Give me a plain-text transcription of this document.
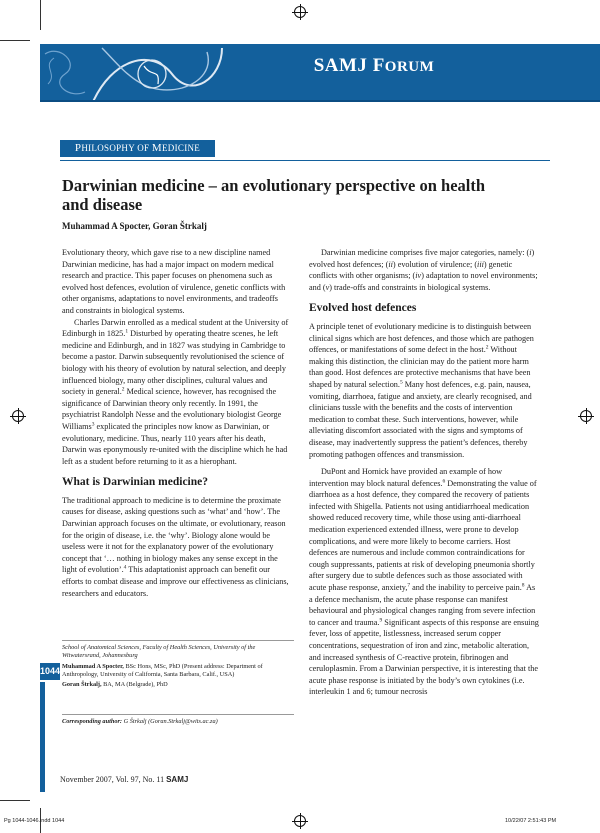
SAMJ FORUM
PHILOSOPHY OF MEDICINE
Darwinian medicine – an evolutionary perspective on health and disease
Muhammad A Spocter, Goran Štrkalj

Evolutionary theory, which gave rise to a new discipline named Darwinian medicine, has had a major impact on modern medical research and practice. This paper focuses on phenomena such as evolved host defences, evolution of virulence, genetic conflicts with other organisms, adaptations to novel environments, and tradeoffs and constraints in biological systems.

Charles Darwin enrolled as a medical student at the University of Edinburgh in 1825.$^1$ Disturbed by operating theatre scenes, he left medicine and Edinburgh, and in 1827 was studying in Cambridge to become a pastor. Darwin subsequently revolutionised the science of biology with his theory of evolution by natural selection, and deeply influenced biology, many other disciplines, cultural values and society in general.$^2$ Medical science, however, has recognised the significance of Darwinian theory only recently. In 1991, the psychiatrist Randolph Nesse and the evolutionary biologist George Williams$^3$ explicated the principles now know as Darwinian, or evolutionary, medicine. Thus, nearly 110 years after his death, Darwin was eponymously re-united with the discipline which he had left as a student before returning to it as a hierophant.

What is Darwinian medicine?

The traditional approach to medicine is to determine the proximate causes for disease, asking questions such as ‘what’ and ‘how’. The Darwinian approach focuses on the ultimate, or evolutionary, reason for the origin of disease, i.e. the ‘why’. Biology alone would be useless were it not for the explanatory power of the evolutionary concept that ‘… nothing in biology makes any sense except in the light of evolution’.$^4$ This adaptationist approach can benefit our efforts to combat disease and improve our effectiveness as clinicians, researchers and educators.

School of Anatomical Sciences, Faculty of Health Sciences, University of the Witwatersrand, Johannesburg

Muhammad A Spocter, BSc Hons, MSc, PhD (Present address: Department of Anthropology, University of California, Santa Barbara, Calif., USA)

Goran Štrkalj, BA, MA (Belgrade), PhD

Corresponding author: G Štrkalj (Goran.Strkalj@wits.ac.za)

Darwinian medicine comprises five major categories, namely: (i) evolved host defences; (ii) evolution of virulence; (iii) genetic conflicts with other organisms; (iv) adaptation to novel environments; and (v) trade-offs and constraints in biological systems.

Evolved host defences

A principle tenet of evolutionary medicine is to distinguish between clinical signs which are host defences, and those which are pathogen offences, or manifestations of some defect in the host.$^2$ Without making this distinction, the clinician may do the patient more harm than good. Host defences are protective mechanisms that have been shaped by natural selection.$^5$ Many host defences, e.g. pain, nausea, vomiting, diarrhoea, fatigue and anxiety, are clearly recognised, and clinicians tussle with the benefits and the costs of intervention medication to combat these. Such interventions, however, while alleviating discomfort associated with the signs and symptoms of disease, may inadvertently suppress the patient’s defences, thereby promoting pathogen offences and transmission.

DuPont and Hornick have provided an example of how intervention may block natural defences.$^6$ Demonstrating the value of diarrhoea as a host defence, they compared the recovery of patients infected with Shigella. Patients not using antidiarrhoeal medication showed reduced recovery time, while those using anti-diarrhoeal medication experienced extended illness, were prone to develop complications, and were more likely to become carriers. Host defences are numerous and include common contraindications for cough suppressants, patients at risk of developing pneumonia shortly after surgery due to subtle defences such as those associated with acute phase response, anxiety,$^7$ and the inability to perceive pain.$^8$ As a defence mechanism, the acute phase response can manifest behavioural and physiological changes ranging from severe infection to cancer and trauma.$^9$ Significant aspects of this response are ensuing fever, loss of appetite, listlessness, increased serum copper concentrations, sequestration of iron and zinc, metabolic alteration, and increased synthesis of C-reactive protein, fibrinogen and ceruloplasmin. From a Darwinian perspective, it is interesting that the acute phase response is initiated by the body’s own cytokines (i.e. interleukin 1 and 6; tumour necrosis

1044
November 2007, Vol. 97, No. 11 SAMJ
Pg 1044-1046.indd 1044	10/22/07 2:51:43 PM
